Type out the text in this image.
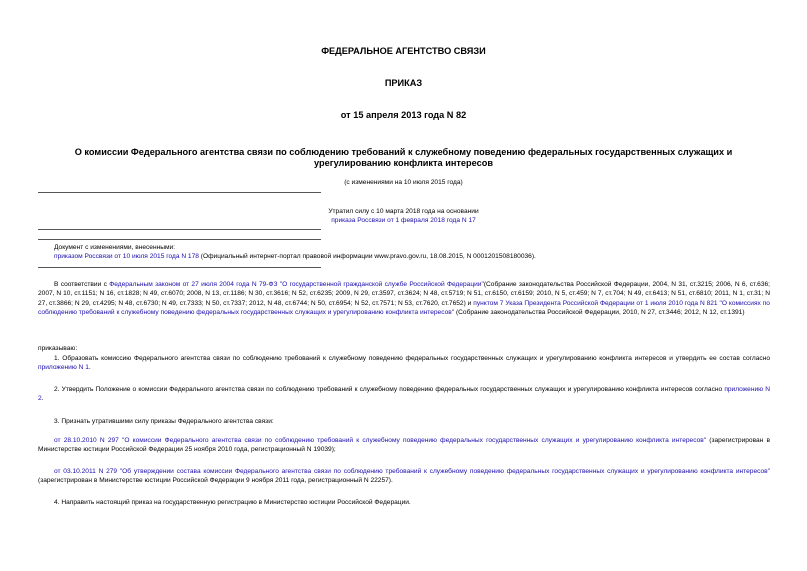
ФЕДЕРАЛЬНОЕ АГЕНТСТВО СВЯЗИ
ПРИКАЗ
от 15 апреля 2013 года N 82
О комиссии Федерального агентства связи по соблюдению требований к служебному поведению федеральных государственных служащих и урегулированию конфликта интересов
(с изменениями на 10 июля 2015 года)
Утратил силу с 10 марта 2018 года на основании
приказа Россвязи от 1 февраля 2018 года N 17
Документ с изменениями, внесенными:
приказом Россвязи от 10 июля 2015 года N 178 (Официальный интернет-портал правовой информации www.pravo.gov.ru, 18.08.2015, N 0001201508180036).
В соответствии с Федеральным законом от 27 июля 2004 года N 79-ФЗ "О государственной гражданской службе Российской Федерации"(Собрание законодательства Российской Федерации, 2004, N 31, ст.3215; 2006, N 6, ст.636; 2007, N 10, ст.1151; N 16, ст.1828; N 49, ст.6070; 2008, N 13, ст.1186; N 30, ст.3616; N 52, ст.6235; 2009, N 29, ст.3597, ст.3624; N 48, ст.5719; N 51, ст.6150, ст.6159; 2010, N 5, ст.459; N 7, ст.704; N 49, ст.6413; N 51, ст.6810; 2011, N 1, ст.31; N 27, ст.3866; N 29, ст.4295; N 48, ст.6730; N 49, ст.7333; N 50, ст.7337; 2012, N 48, ст.6744; N 50, ст.6954; N 52, ст.7571; N 53, ст.7620, ст.7652) и пунктом 7 Указа Президента Российской Федерации от 1 июля 2010 года N 821 "О комиссиях по соблюдению требований к служебному поведению федеральных государственных служащих и урегулированию конфликта интересов" (Собрание законодательства Российской Федерации, 2010, N 27, ст.3446; 2012, N 12, ст.1391)
приказываю:
1. Образовать комиссию Федерального агентства связи по соблюдению требований к служебному поведению федеральных государственных служащих и урегулированию конфликта интересов и утвердить ее состав согласно приложению N 1.
2. Утвердить Положение о комиссии Федерального агентства связи по соблюдению требований к служебному поведению федеральных государственных служащих и урегулированию конфликта интересов согласно приложению N 2.
3. Признать утратившими силу приказы Федерального агентства связи:
от 28.10.2010 N 297 "О комиссии Федерального агентства связи по соблюдению требований к служебному поведению федеральных государственных служащих и урегулированию конфликта интересов" (зарегистрирован в Министерстве юстиции Российской Федерации 25 ноября 2010 года, регистрационный N 19039);
от 03.10.2011 N 279 "Об утверждении состава комиссии Федерального агентства связи по соблюдению требований к служебному поведению федеральных государственных служащих и урегулированию конфликта интересов" (зарегистрирован в Министерстве юстиции Российской Федерации 9 ноября 2011 года, регистрационный N 22257).
4. Направить настоящий приказ на государственную регистрацию в Министерство юстиции Российской Федерации.
